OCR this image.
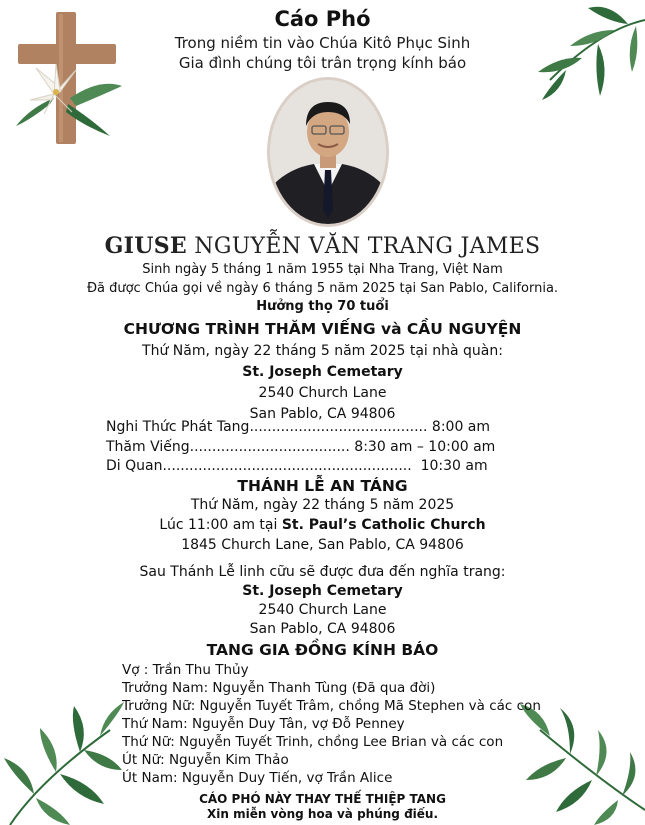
Cáo Phó
Trong niềm tin vào Chúa Kitô Phục Sinh
Gia đình chúng tôi trân trọng kính báo
GIUSE NGUYỄN VĂN TRANG JAMES
Sinh ngày 5 tháng 1 năm 1955 tại Nha Trang, Việt Nam
Đã được Chúa gọi về ngày 6 tháng 5 năm 2025 tại San Pablo, California.
Hưởng thọ 70 tuổi
CHƯƠNG TRÌNH THĂM VIẾNG và CẦU NGUYỆN
Thứ Năm, ngày 22 tháng 5 năm 2025 tại nhà quàn:
St. Joseph Cemetary
2540 Church Lane
San Pablo, CA 94806
Nghi Thức Phát Tang........................................ 8:00 am
Thăm Viếng.................................... 8:30 am – 10:00 am
Di Quan........................................................ 10:30 am
THÁNH LỄ AN TÁNG
Thứ Năm, ngày 22 tháng 5 năm 2025
Lúc 11:00 am tại St. Paul’s Catholic Church
1845 Church Lane, San Pablo, CA 94806
Sau Thánh Lễ linh cữu sẽ được đưa đến nghĩa trang:
St. Joseph Cemetary
2540 Church Lane
San Pablo, CA 94806
TANG GIA ĐỒNG KÍNH BÁO
Vợ : Trần Thu Thủy
Trưởng Nam: Nguyễn Thanh Tùng (Đã qua đời)
Trưởng Nữ: Nguyễn Tuyết Trâm, chồng Mã Stephen và các con
Thứ Nam: Nguyễn Duy Tân, vợ Đỗ Penney
Thứ Nữ: Nguyễn Tuyết Trinh, chồng Lee Brian và các con
Út Nữ: Nguyễn Kim Thảo
Út Nam: Nguyễn Duy Tiến, vợ Trần Alice
CÁO PHÓ NÀY THAY THẾ THIỆP TANG
Xin miễn vòng hoa và phúng điếu.
